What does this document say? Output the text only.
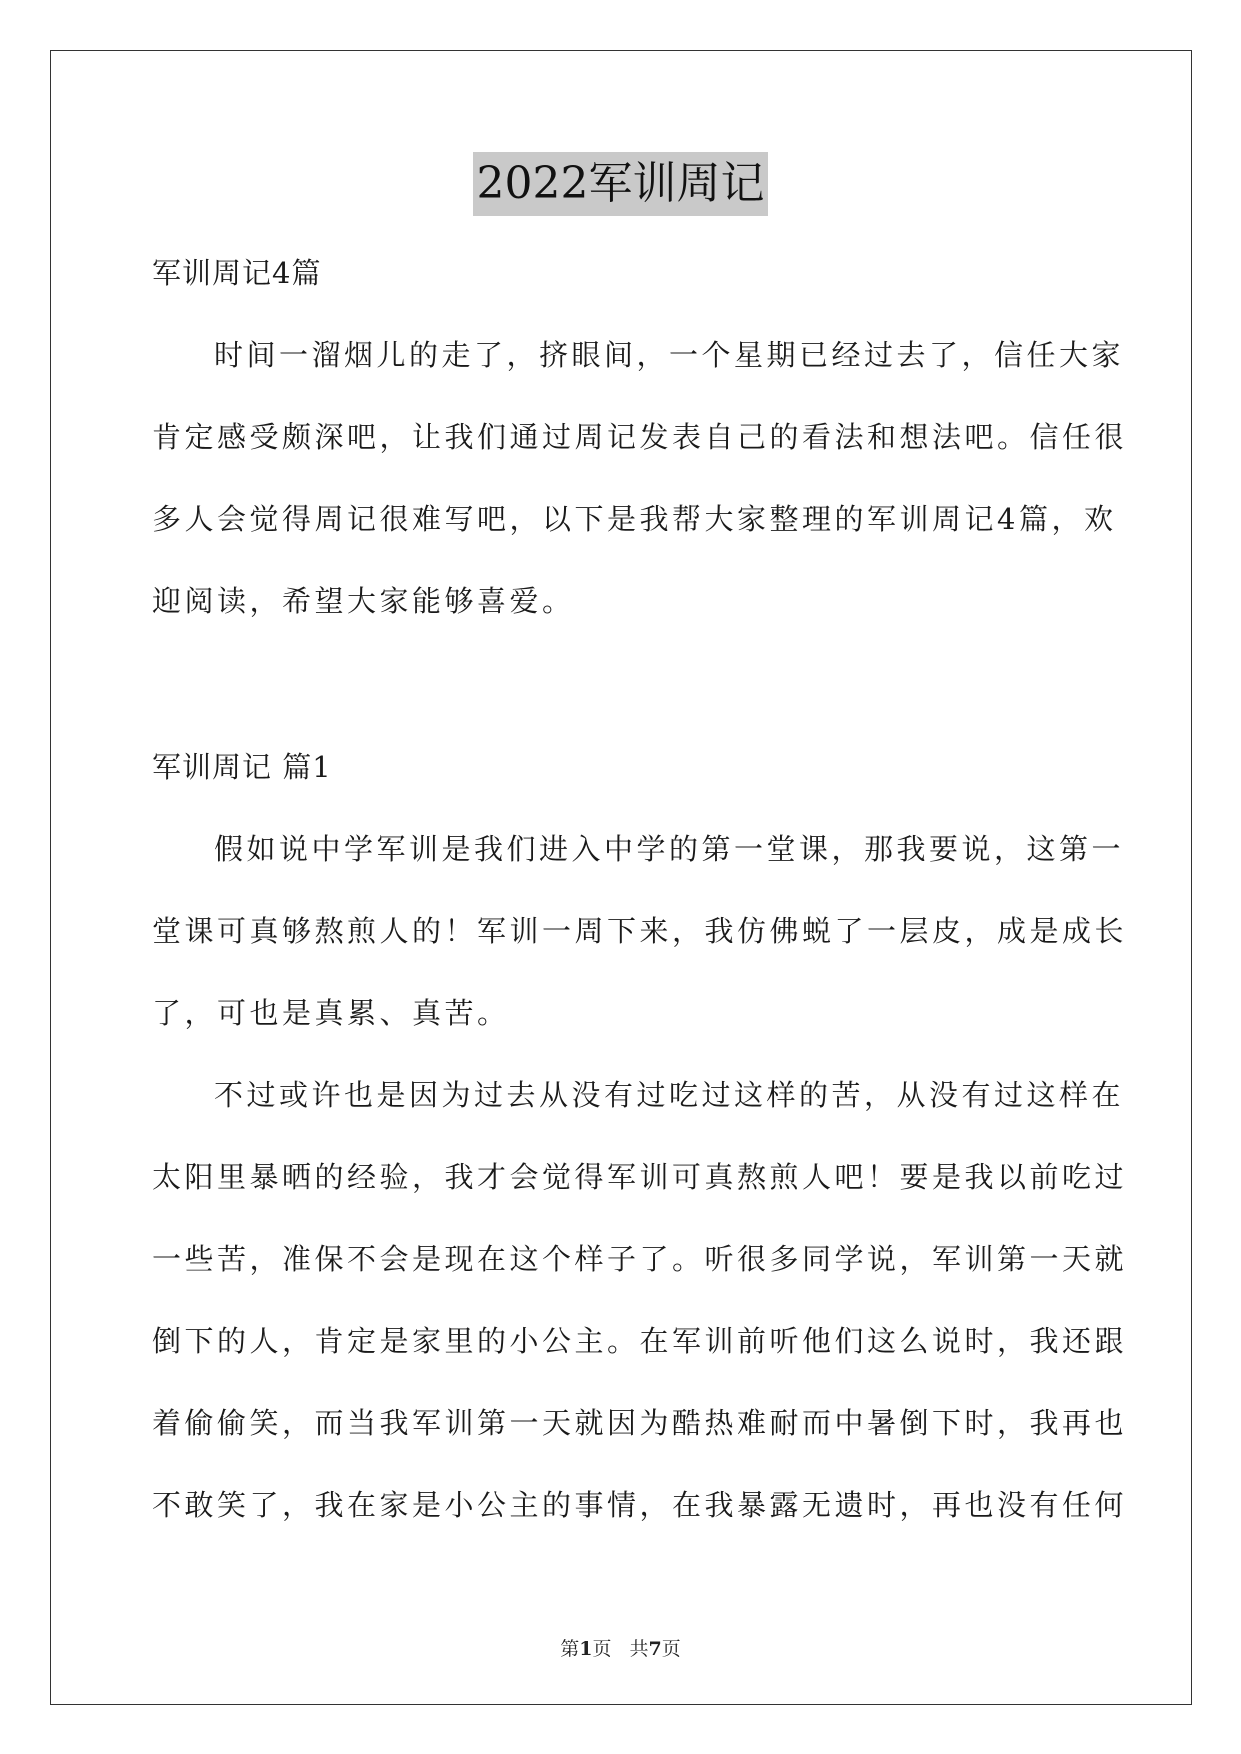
2022军训周记
军训周记4篇
时间一溜烟儿的走了，挤眼间，一个星期已经过去了，信任大家
肯定感受颇深吧，让我们通过周记发表自己的看法和想法吧。信任很
多人会觉得周记很难写吧，以下是我帮大家整理的军训周记4篇，欢
迎阅读，希望大家能够喜爱。
军训周记 篇1
假如说中学军训是我们进入中学的第一堂课，那我要说，这第一
堂课可真够熬煎人的！军训一周下来，我仿佛蜕了一层皮，成是成长
了，可也是真累、真苦。
不过或许也是因为过去从没有过吃过这样的苦，从没有过这样在
太阳里暴晒的经验，我才会觉得军训可真熬煎人吧！要是我以前吃过
一些苦，准保不会是现在这个样子了。听很多同学说，军训第一天就
倒下的人，肯定是家里的小公主。在军训前听他们这么说时，我还跟
着偷偷笑，而当我军训第一天就因为酷热难耐而中暑倒下时，我再也
不敢笑了，我在家是小公主的事情，在我暴露无遗时，再也没有任何
第1页 共7页
